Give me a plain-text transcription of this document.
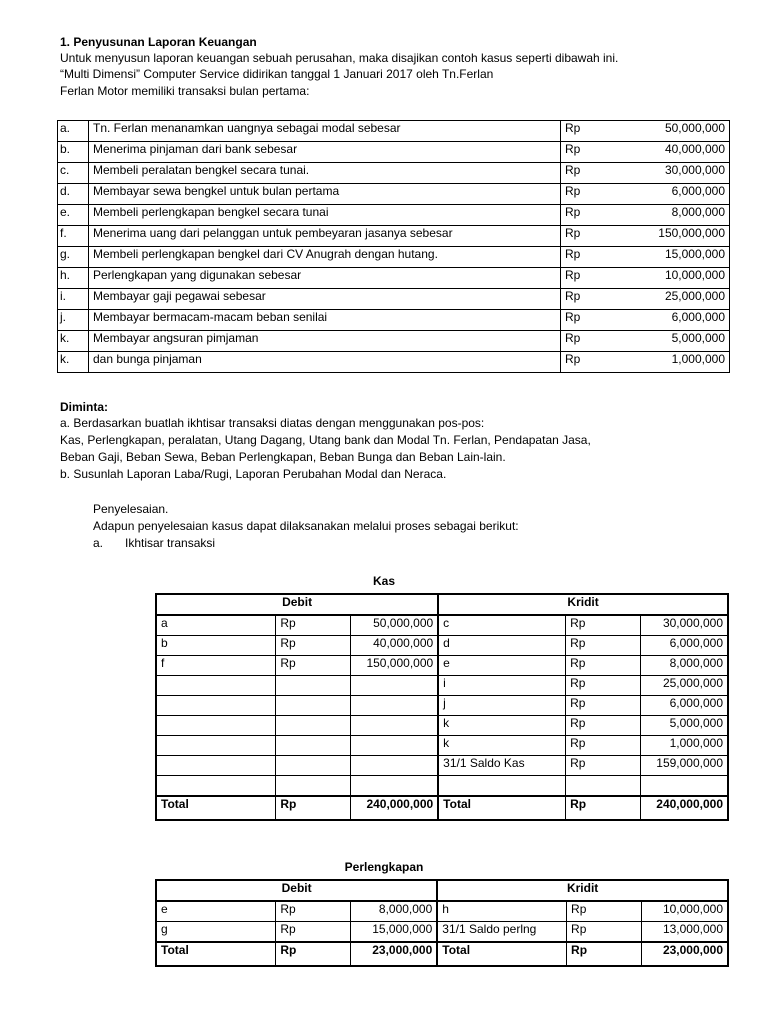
1. Penyusunan Laporan Keuangan
Untuk menyusun laporan keuangan sebuah perusahan, maka disajikan contoh kasus seperti dibawah ini.
“Multi Dimensi” Computer Service didirikan tanggal 1 Januari 2017 oleh Tn.Ferlan
Ferlan Motor memiliki transaksi bulan pertama:
a.	Tn. Ferlan menanamkan uangnya sebagai modal sebesar	Rp	50,000,000
b.	Menerima pinjaman dari bank sebesar	Rp	40,000,000
c.	Membeli peralatan bengkel secara tunai.	Rp	30,000,000
d.	Membayar sewa bengkel untuk bulan pertama	Rp	6,000,000
e.	Membeli perlengkapan bengkel secara tunai	Rp	8,000,000
f.	Menerima uang dari pelanggan untuk pembeyaran jasanya sebesar	Rp	150,000,000
g.	Membeli perlengkapan bengkel dari CV Anugrah dengan hutang.	Rp	15,000,000
h.	Perlengkapan yang digunakan sebesar	Rp	10,000,000
i.	Membayar gaji pegawai sebesar	Rp	25,000,000
j.	Membayar bermacam-macam beban senilai	Rp	6,000,000
k.	Membayar angsuran pimjaman	Rp	5,000,000
k.	dan bunga pinjaman	Rp	1,000,000
Diminta:
a. Berdasarkan buatlah ikhtisar transaksi diatas dengan menggunakan pos-pos:
Kas, Perlengkapan, peralatan, Utang Dagang, Utang bank dan Modal Tn. Ferlan, Pendapatan Jasa,
Beban Gaji, Beban Sewa, Beban Perlengkapan, Beban Bunga dan Beban Lain-lain.
b. Susunlah Laporan Laba/Rugi, Laporan Perubahan Modal dan Neraca.
Penyelesaian.
Adapun penyelesaian kasus dapat dilaksanakan melalui proses sebagai berikut:
a. Ikhtisar transaksi
Kas
Debit			Kridit		
a	Rp	50,000,000	c	Rp	30,000,000
b	Rp	40,000,000	d	Rp	6,000,000
f	Rp	150,000,000	e	Rp	8,000,000
			i	Rp	25,000,000
			j	Rp	6,000,000
			k	Rp	5,000,000
			k	Rp	1,000,000
			31/1 Saldo Kas	Rp	159,000,000

Total	Rp	240,000,000	Total	Rp	240,000,000
Perlengkapan
Debit			Kridit		
e	Rp	8,000,000	h	Rp	10,000,000
g	Rp	15,000,000	31/1 Saldo perlng	Rp	13,000,000
Total	Rp	23,000,000	Total	Rp	23,000,000
